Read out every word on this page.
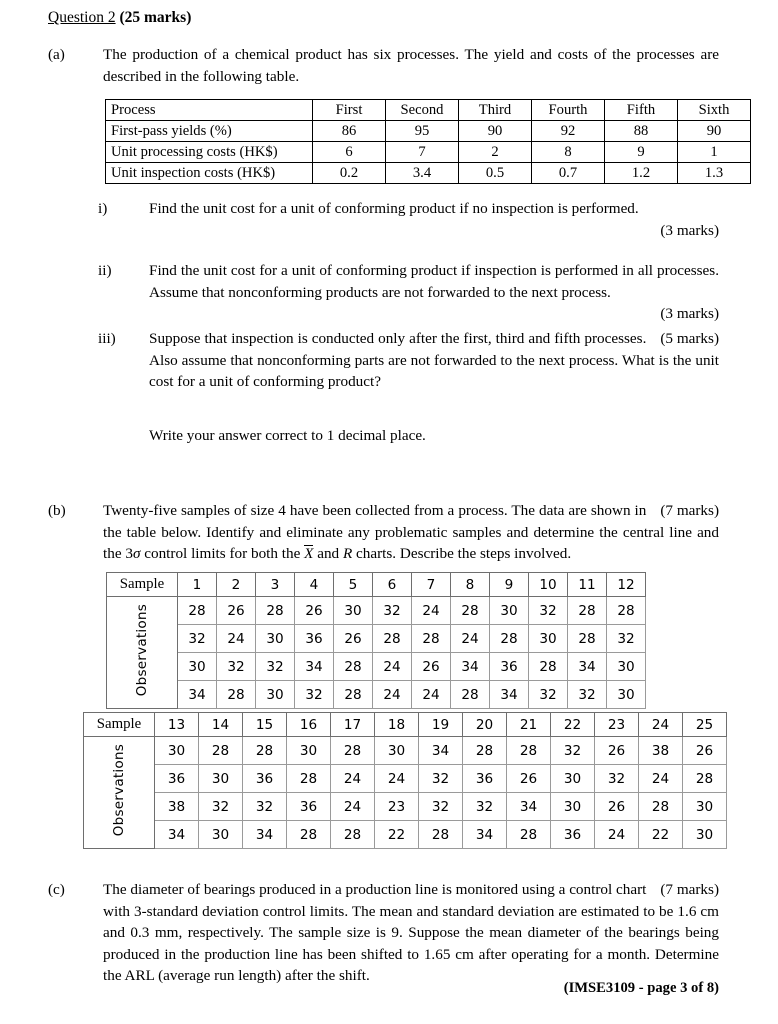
Question 2 (25 marks)
(a)	The production of a chemical product has six processes. The yield and costs of the processes are described in the following table.
Process	First	Second	Third	Fourth	Fifth	Sixth
First-pass yields (%)	86	95	90	92	88	90
Unit processing costs (HK$)	6	7	2	8	9	1
Unit inspection costs (HK$)	0.2	3.4	0.5	0.7	1.2	1.3
i)	Find the unit cost for a unit of conforming product if no inspection is performed.
(3 marks)
ii)	Find the unit cost for a unit of conforming product if inspection is performed in all processes. Assume that nonconforming products are not forwarded to the next process.
(3 marks)
iii)	(5 marks)
Suppose that inspection is conducted only after the first, third and fifth processes. Also assume that nonconforming parts are not forwarded to the next process. What is the unit cost for a unit of conforming product?
Write your answer correct to 1 decimal place.
(b)	(7 marks)
Twenty-five samples of size 4 have been collected from a process. The data are shown in the table below. Identify and eliminate any problematic samples and determine the central line and the 3σ control limits for both the X and R charts. Describe the steps involved.
Sample	1	2	3	4	5	6	7	8	9	10	11	12
Observations	28	26	28	26	30	32	24	28	30	32	28	28
	32	24	30	36	26	28	28	24	28	30	28	32
	30	32	32	34	28	24	26	34	36	28	34	30
	34	28	30	32	28	24	24	28	34	32	32	30
Sample	13	14	15	16	17	18	19	20	21	22	23	24	25
Observations	30	28	28	30	28	30	34	28	28	32	26	38	26
	36	30	36	28	24	24	32	36	26	30	32	24	28
	38	32	32	36	24	23	32	32	34	30	26	28	30
	34	30	34	28	28	22	28	34	28	36	24	22	30
(c)	(7 marks)
The diameter of bearings produced in a production line is monitored using a control chart with 3-standard deviation control limits. The mean and standard deviation are estimated to be 1.6 cm and 0.3 mm, respectively. The sample size is 9. Suppose the mean diameter of the bearings being produced in the production line has been shifted to 1.65 cm after operating for a month. Determine the ARL (average run length) after the shift.
(IMSE3109 - page 3 of 8)
